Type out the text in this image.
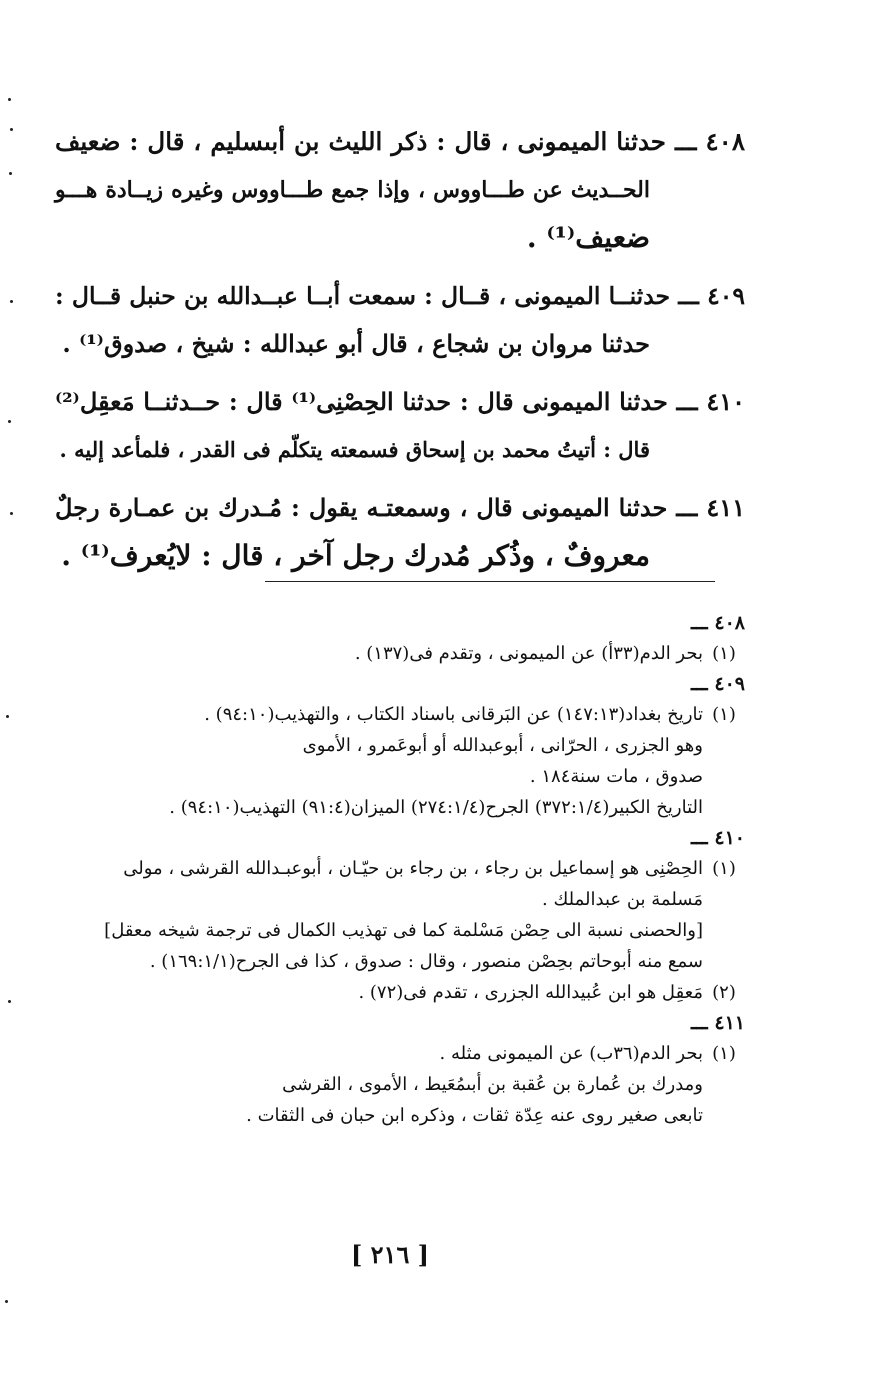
٤٠٨ ـــ حدثنا الميمونى ، قال : ذكر الليث بن أبىسليم ، قال : ضعيف
الحــديث عن طـــاووس ، وإذا جمع طـــاووس وغيره زيــادة هـــو
ضعيف⁽¹⁾ .
٤٠٩ ـــ حدثنــا الميمونى ، قــال : سمعت أبــا عبــدالله بن حنبل قــال :
حدثنا مروان بن شجاع ، قال أبو عبدالله : شيخ ، صدوق⁽¹⁾ .
٤١٠ ـــ حدثنا الميمونى قال : حدثنا الحِصْنِى⁽¹⁾ قال : حــدثنــا مَعقِل⁽²⁾
قال : أتيتُ محمد بن إسحاق فسمعته يتكلّم فى القدر ، فلمأعد إليه .
٤١١ ـــ حدثنا الميمونى قال ، وسمعتـه يقول : مُـدرك بن عمـارة رجلٌ
معروفٌ ، وذُكر مُدرك رجل آخر ، قال : لايُعرف⁽¹⁾ .
٤٠٨ ـــ
(١)بحر الدم(٣٣أ) عن الميمونى ، وتقدم فى(١٣٧) .
٤٠٩ ـــ
(١)تاريخ بغداد(١٤٧:١٣) عن البَرقانى باسناد الكتاب ، والتهذيب(٩٤:١٠) .
وهو الجزرى ، الحرّانى ، أبوعبدالله أو أبوعَمرو ، الأموى
صدوق ، مات سنة١٨٤ .
التاريخ الكبير(٣٧٢:١/٤) الجرح(٢٧٤:١/٤) الميزان(٩١:٤) التهذيب(٩٤:١٠) .
٤١٠ ـــ
(١)الحِصْنِى هو إسماعيل بن رجاء ، بن رجاء بن حيّـان ، أبوعبـدالله القرشى ، مولى
مَسلمة بن عبدالملك .
[والحصنى نسبة الى حِصْن مَسْلمة كما فى تهذيب الكمال فى ترجمة شيخه معقل]
سمع منه أبوحاتم بحِصْن منصور ، وقال : صدوق ، كذا فى الجرح(١٦٩:١/١) .
(٢)مَعقِل هو ابن عُبيدالله الجزرى ، تقدم فى(٧٢) .
٤١١ ـــ
(١)بحر الدم(٣٦ب) عن الميمونى مثله .
ومدرك بن عُمارة بن عُقبة بن أبىمُعَيط ، الأموى ، القرشى
تابعى صغير روى عنه عِدّة ثقات ، وذكره ابن حبان فى الثقات .
[ ٢١٦ ]
